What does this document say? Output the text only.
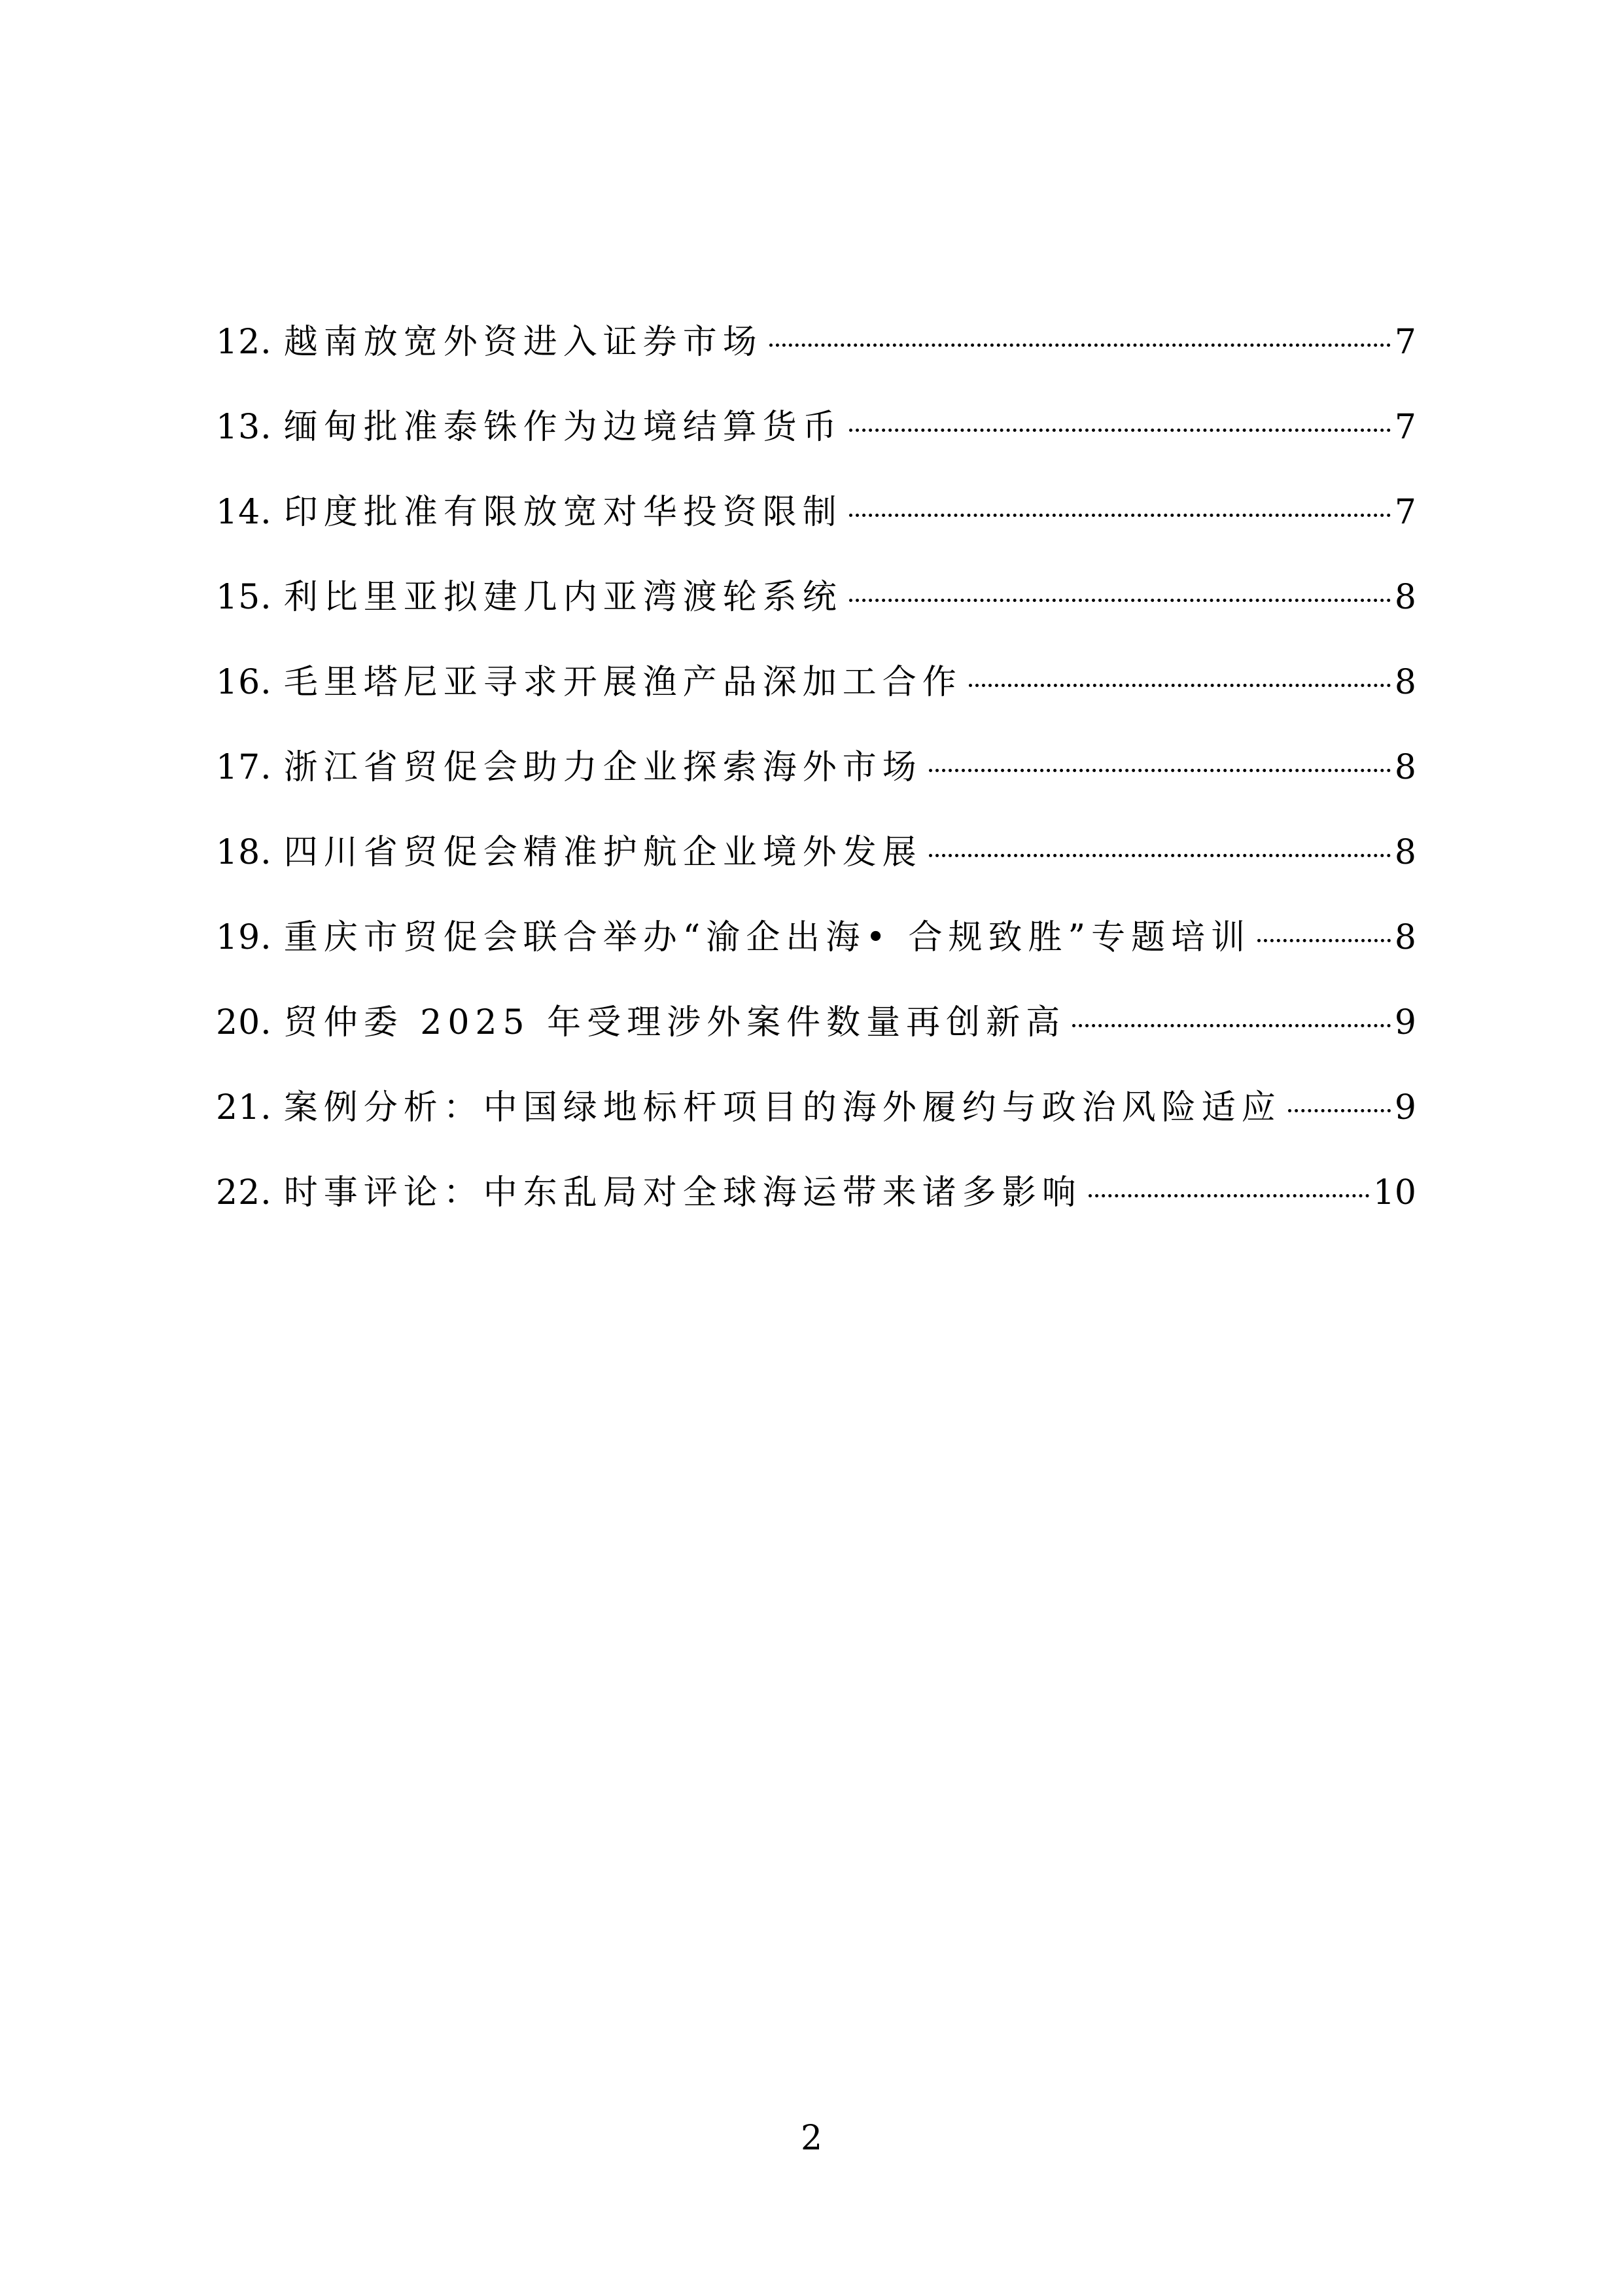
12. 越南放宽外资进入证券市场	7
13. 缅甸批准泰铢作为边境结算货币	7
14. 印度批准有限放宽对华投资限制	7
15. 利比里亚拟建几内亚湾渡轮系统	8
16. 毛里塔尼亚寻求开展渔产品深加工合作	8
17. 浙江省贸促会助力企业探索海外市场	8
18. 四川省贸促会精准护航企业境外发展	8
19. 重庆市贸促会联合举办“渝企出海• 合规致胜”专题培训	8
20. 贸仲委 2025 年受理涉外案件数量再创新高	9
21. 案例分析：中国绿地标杆项目的海外履约与政治风险适应	9
22. 时事评论：中东乱局对全球海运带来诸多影响	10
2
